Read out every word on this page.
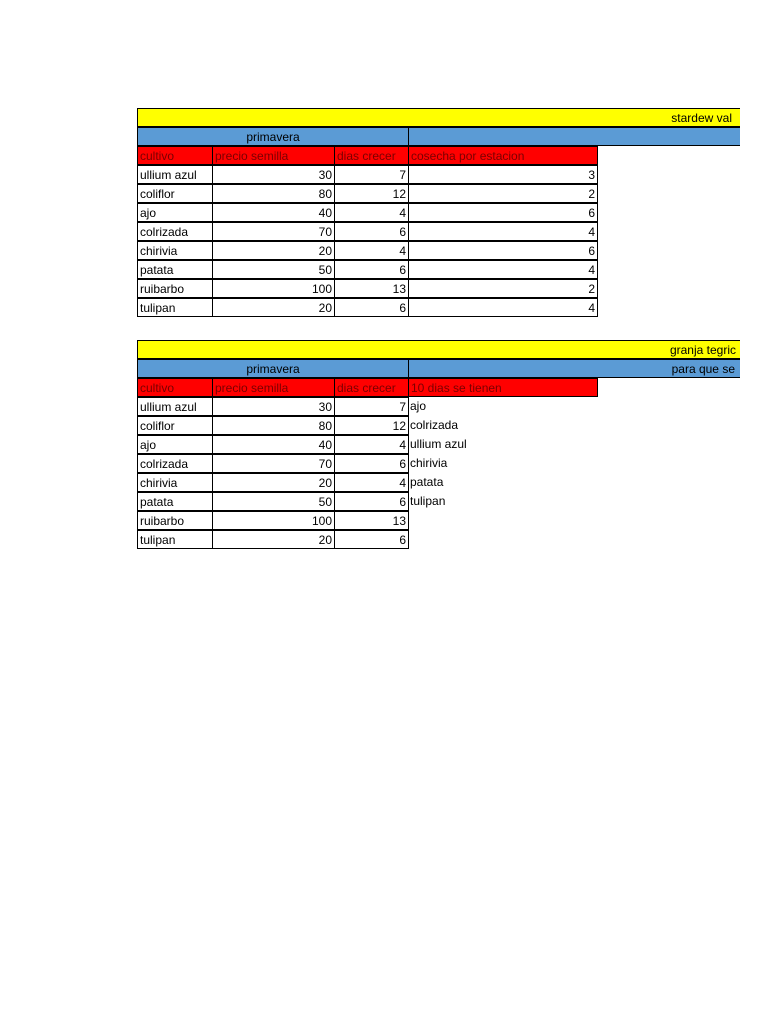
stardew val
primavera
cultivo	precio semilla	dias crecer	cosecha por estacion
ullium azul	30	7	3
coliflor	80	12	2
ajo	40	4	6
colrizada	70	6	4
chirivia	20	4	6
patata	50	6	4
ruibarbo	100	13	2
tulipan	20	6	4
granja tegric
primavera	para que se
cultivo	precio semilla	dias crecer	10 dias se tienen
ullium azul	30	7 ajo
coliflor	80	12 colrizada
ajo	40	4 ullium azul
colrizada	70	6 chirivia
chirivia	20	4 patata
patata	50	6 tulipan
ruibarbo	100	13
tulipan	20	6
